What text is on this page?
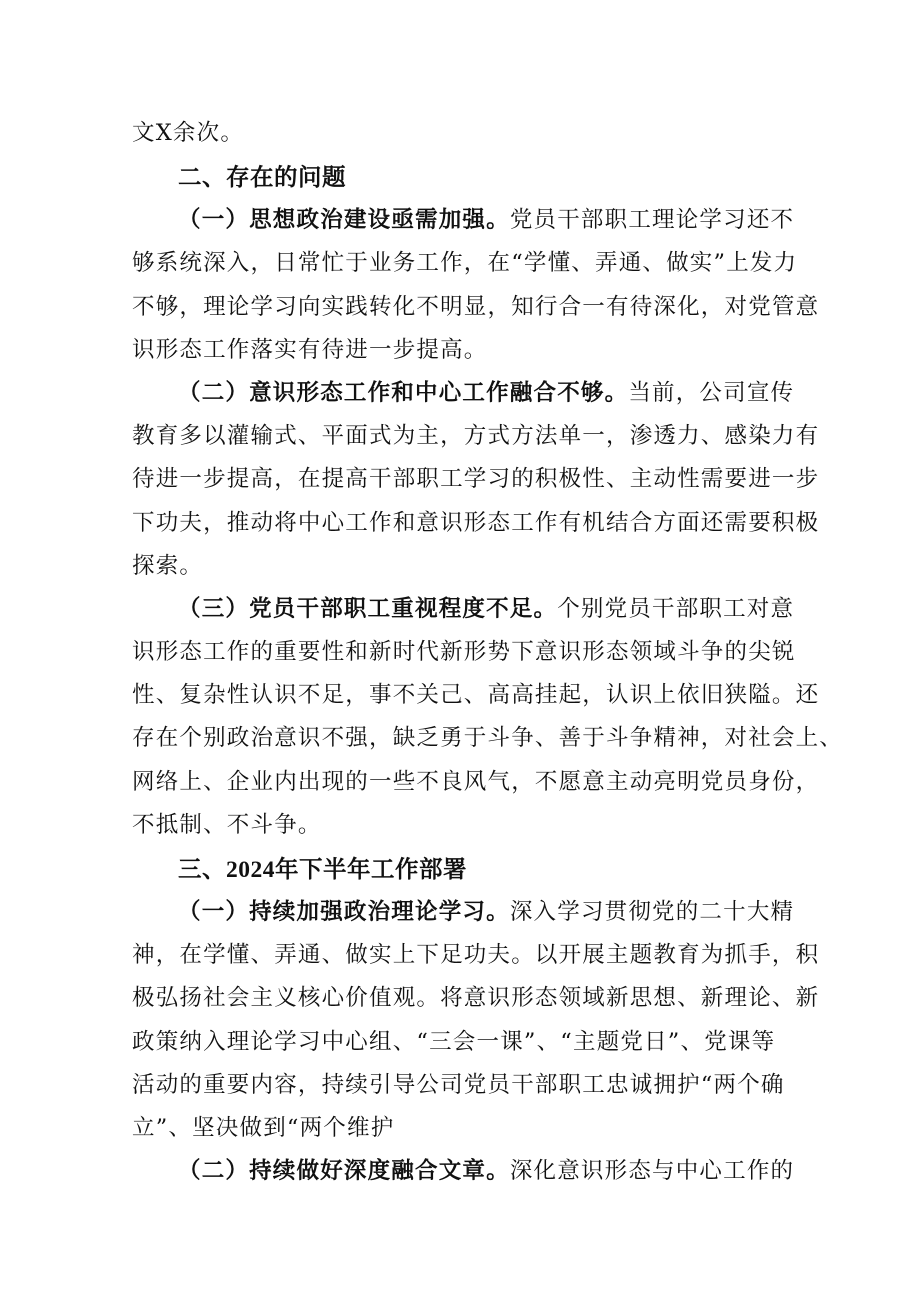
文X余次。
二、存在的问题
（一）思想政治建设亟需加强。党员干部职工理论学习还不
够系统深入，日常忙于业务工作，在“学懂、弄通、做实”上发力
不够，理论学习向实践转化不明显，知行合一有待深化，对党管意
识形态工作落实有待进一步提高。
（二）意识形态工作和中心工作融合不够。当前，公司宣传
教育多以灌输式、平面式为主，方式方法单一，渗透力、感染力有
待进一步提高，在提高干部职工学习的积极性、主动性需要进一步
下功夫，推动将中心工作和意识形态工作有机结合方面还需要积极
探索。
（三）党员干部职工重视程度不足。个别党员干部职工对意
识形态工作的重要性和新时代新形势下意识形态领域斗争的尖锐
性、复杂性认识不足，事不关己、高高挂起，认识上依旧狭隘。还
存在个别政治意识不强，缺乏勇于斗争、善于斗争精神，对社会上、
网络上、企业内出现的一些不良风气，不愿意主动亮明党员身份，
不抵制、不斗争。
三、2024年下半年工作部署
（一）持续加强政治理论学习。深入学习贯彻党的二十大精
神，在学懂、弄通、做实上下足功夫。以开展主题教育为抓手，积
极弘扬社会主义核心价值观。将意识形态领域新思想、新理论、新
政策纳入理论学习中心组、“三会一课”、“主题党日”、党课等
活动的重要内容，持续引导公司党员干部职工忠诚拥护“两个确
立”、坚决做到“两个维护
（二）持续做好深度融合文章。深化意识形态与中心工作的
